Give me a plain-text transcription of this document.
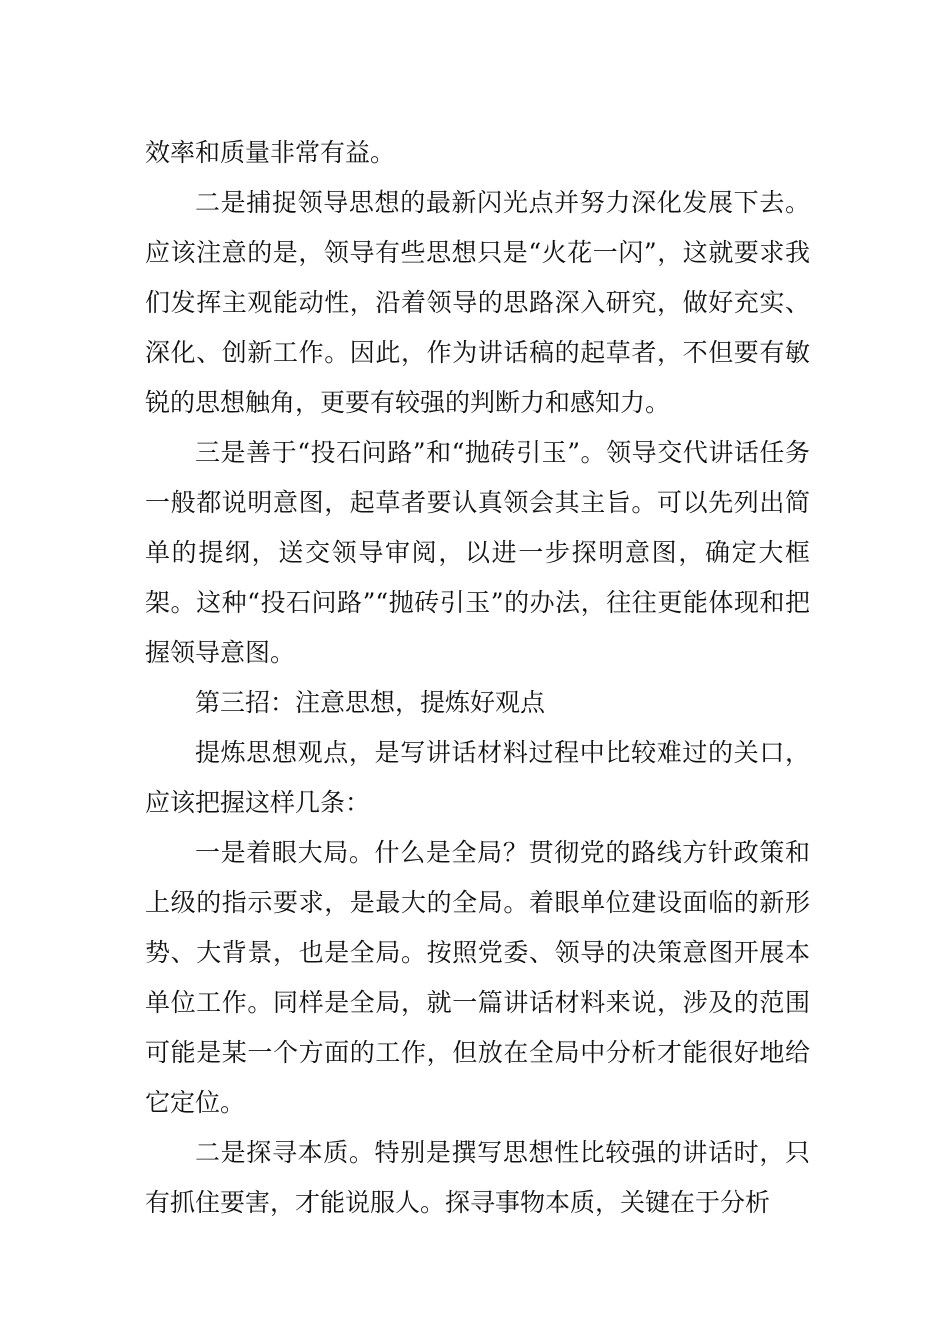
效率和质量非常有益。

二是捕捉领导思想的最新闪光点并努力深化发展下去。应该注意的是，领导有些思想只是“火花一闪”，这就要求我们发挥主观能动性，沿着领导的思路深入研究，做好充实、深化、创新工作。因此，作为讲话稿的起草者，不但要有敏锐的思想触角，更要有较强的判断力和感知力。

三是善于“投石问路”和“抛砖引玉”。领导交代讲话任务一般都说明意图，起草者要认真领会其主旨。可以先列出简单的提纲，送交领导审阅，以进一步探明意图，确定大框架。这种“投石问路”“抛砖引玉”的办法，往往更能体现和把握领导意图。

第三招：注意思想，提炼好观点

提炼思想观点，是写讲话材料过程中比较难过的关口，应该把握这样几条：

一是着眼大局。什么是全局？贯彻党的路线方针政策和上级的指示要求，是最大的全局。着眼单位建设面临的新形势、大背景，也是全局。按照党委、领导的决策意图开展本单位工作。同样是全局，就一篇讲话材料来说，涉及的范围可能是某一个方面的工作，但放在全局中分析才能很好地给它定位。

二是探寻本质。特别是撰写思想性比较强的讲话时，只有抓住要害，才能说服人。探寻事物本质，关键在于分析
